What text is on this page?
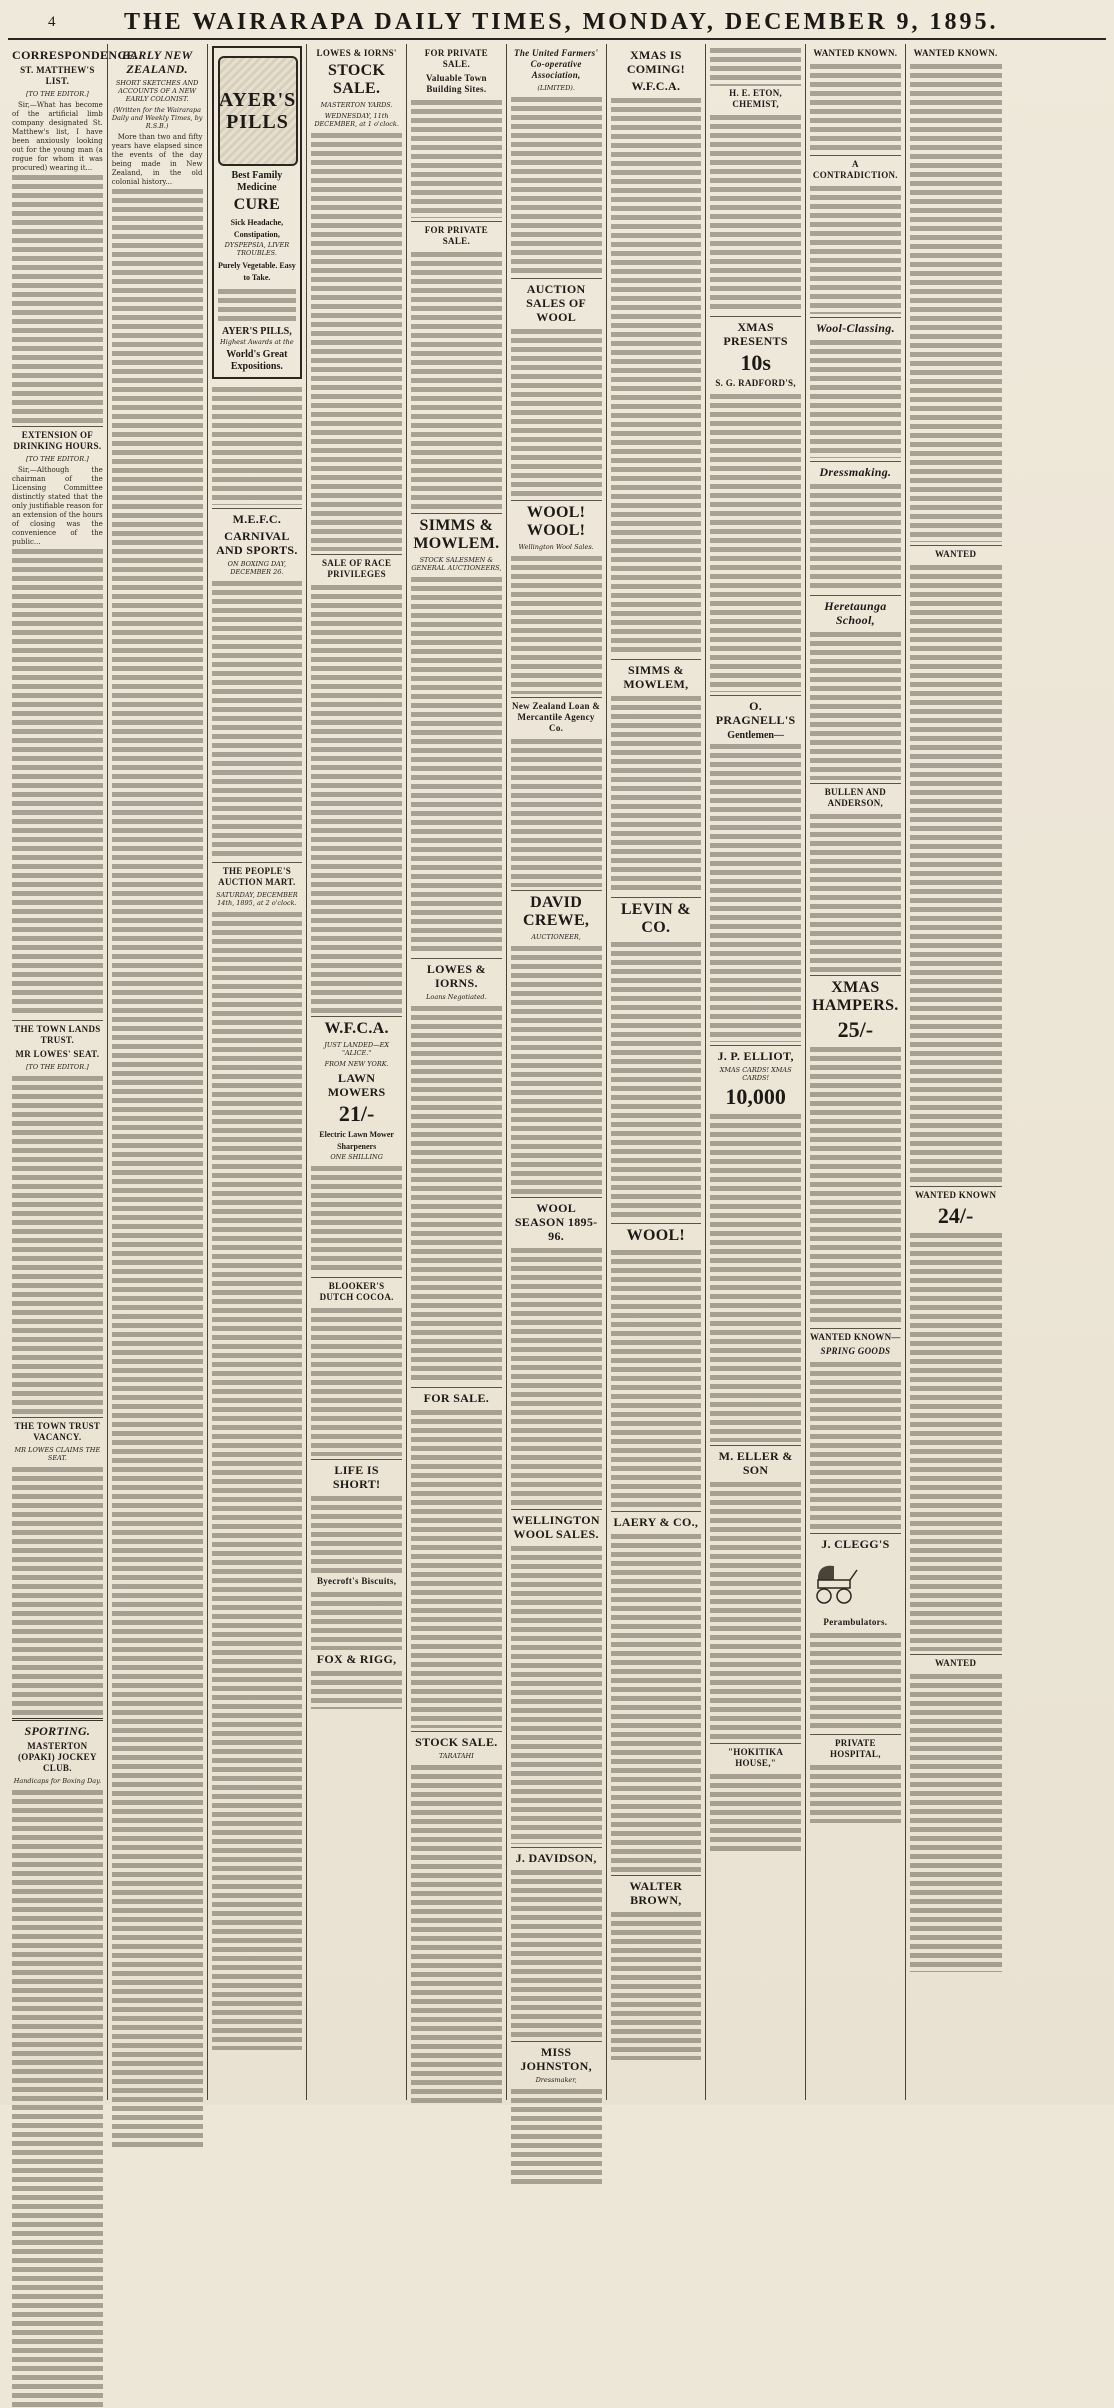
4	THE WAIRARAPA DAILY TIMES, MONDAY, DECEMBER 9, 1895.
CORRESPONDENCE.
ST. MATTHEW'S LIST.
[TO THE EDITOR.]
Sir,—What has become of the artificial limb company designated St. Matthew's list, I have been anxiously looking out for the young man (a rogue for whom it was procured) wearing it...
EXTENSION OF DRINKING HOURS.
[TO THE EDITOR.]
Sir,—Although the chairman of the Licensing Committee distinctly stated that the only justifiable reason for an extension of the hours of closing was the convenience of the public...
THE TOWN LANDS TRUST.
MR LOWES' SEAT.
[TO THE EDITOR.]
THE TOWN TRUST VACANCY.
MR LOWES CLAIMS THE SEAT.
SPORTING.
MASTERTON (OPAKI) JOCKEY CLUB.
Handicaps for Boxing Day.
EARLY NEW ZEALAND.
SHORT SKETCHES AND ACCOUNTS OF A NEW EARLY COLONIST.
(Written for the Wairarapa Daily and Weekly Times, by R.S.B.)
More than two and fifty years have elapsed since the events of the day being made in New Zealand, in the old colonial history...
AYER'S
PILLS
Best Family Medicine
CURE
Sick Headache, Constipation,
DYSPEPSIA, LIVER TROUBLES.
Purely Vegetable. Easy to Take.
AYER'S PILLS,
Highest Awards at the
World's Great Expositions.
M.E.F.C.
CARNIVAL AND SPORTS.
ON BOXING DAY, DECEMBER 26.
THE PEOPLE'S AUCTION MART.
SATURDAY, DECEMBER 14th, 1895, at 2 o'clock.
LOWES & IORNS'
STOCK SALE.
MASTERTON YARDS.
WEDNESDAY, 11th DECEMBER, at 1 o'clock.
SALE OF RACE PRIVILEGES
W.F.C.A.
JUST LANDED—EX "ALICE."
FROM NEW YORK.
LAWN MOWERS
21/-
Electric Lawn Mower Sharpeners
ONE SHILLING
BLOOKER'S DUTCH COCOA.
LIFE IS SHORT!
Byecroft's Biscuits,
FOX & RIGG,
FOR PRIVATE SALE.
Valuable Town Building Sites.
FOR PRIVATE SALE.
SIMMS & MOWLEM.
STOCK SALESMEN & GENERAL AUCTIONEERS,
LOWES & IORNS.
Loans Negotiated.
FOR SALE.
STOCK SALE.
TARATAHI
The United Farmers' Co-operative Association,
(LIMITED).
AUCTION SALES OF WOOL
WOOL! WOOL!
Wellington Wool Sales.
New Zealand Loan & Mercantile Agency Co.
DAVID CREWE,
AUCTIONEER,
WOOL SEASON 1895-96.
WELLINGTON WOOL SALES.
J. DAVIDSON,
MISS JOHNSTON,
Dressmaker,
XMAS IS COMING!
W.F.C.A.
SIMMS & MOWLEM,
LEVIN & CO.
WOOL!
LAERY & CO.,
WALTER BROWN,
H. E. ETON, CHEMIST,
XMAS PRESENTS
10s
S. G. RADFORD'S,
O. PRAGNELL'S
Gentlemen—
J. P. ELLIOT,
XMAS CARDS! XMAS CARDS!
10,000
M. ELLER & SON
"HOKITIKA HOUSE,"
WANTED KNOWN.
A CONTRADICTION.
Wool-Classing.
Dressmaking.
Heretaunga School,
BULLEN AND ANDERSON,
XMAS HAMPERS.
25/-
WANTED KNOWN—
SPRING GOODS
J. CLEGG'S
Perambulators.
PRIVATE HOSPITAL,
WANTED KNOWN.
WANTED
WANTED KNOWN
24/-
WANTED
